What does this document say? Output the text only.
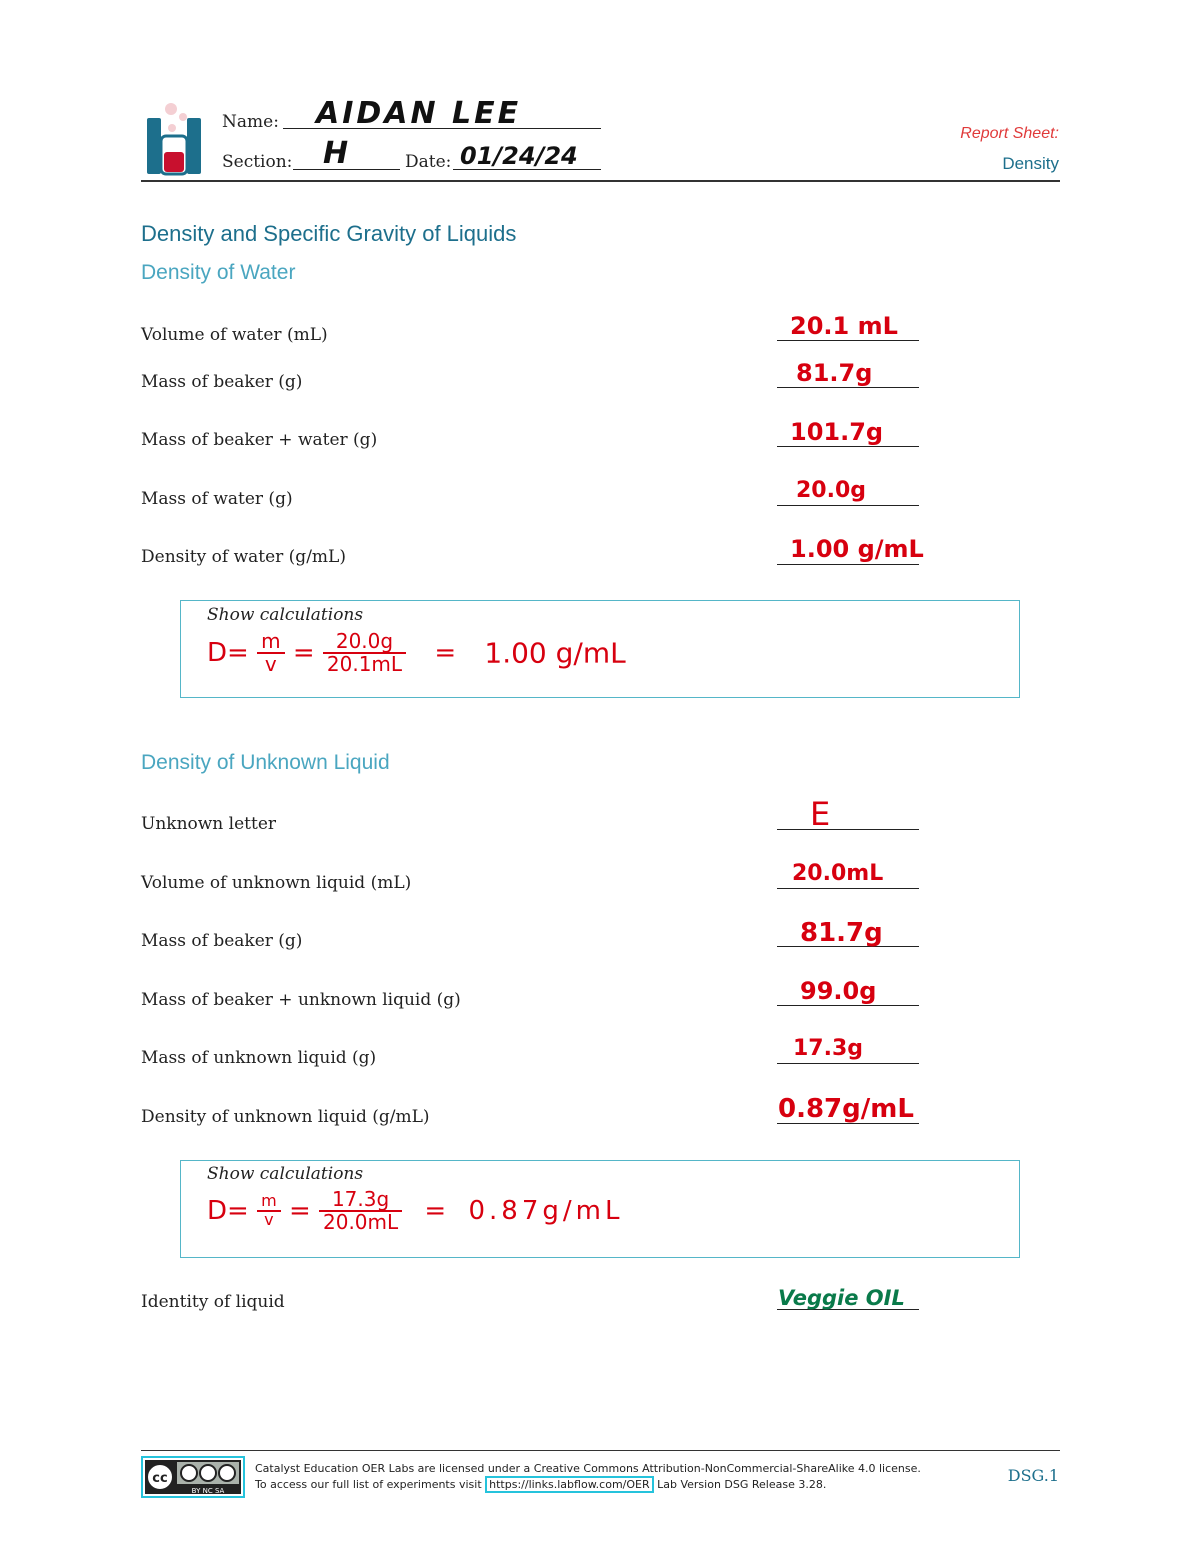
Name: AIDAN LEE
Section: H	Date: 01/24/24
Report Sheet:
Density
Density and Specific Gravity of Liquids
Density of Water
Volume of water (mL)	20.1 mL
Mass of beaker (g)	81.7g
Mass of beaker + water (g)	101.7g
Mass of water (g)	20.0g
Density of water (g/mL)	1.00 g/mL
Show calculations
$D= \frac{m}{v} = \frac{20.0g}{20.1mL} = 1.00$ g/mL
Density of Unknown Liquid
Unknown letter	E
Volume of unknown liquid (mL)	20.0mL
Mass of beaker (g)	81.7g
Mass of beaker + unknown liquid (g)	99.0g
Mass of unknown liquid (g)	17.3g
Density of unknown liquid (g/mL)	0.87g/mL
Show calculations
$D= \frac{m}{v} = \frac{17.3g}{20.0mL} = 0.87g/mL$
Identity of liquid	Veggie OIL
cc
BY NC SA
Catalyst Education OER Labs are licensed under a Creative Commons Attribution-NonCommercial-ShareAlike 4.0 license.
To access our full list of experiments visit https://links.labflow.com/OER Lab Version DSG Release 3.28.	DSG.1
